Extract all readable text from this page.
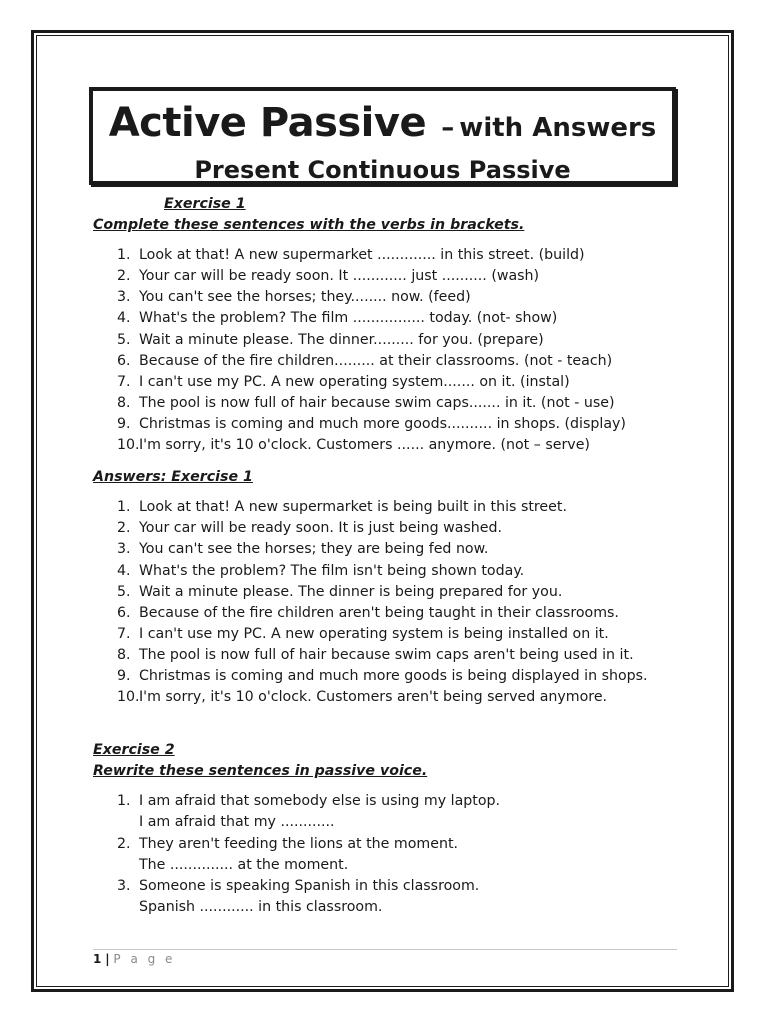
Active Passive – with Answers
Present Continuous Passive
Exercise 1
Complete these sentences with the verbs in brackets.
1. Look at that! A new supermarket ............. in this street. (build)
2. Your car will be ready soon. It ............ just .......... (wash)
3. You can't see the horses; they........ now. (feed)
4. What's the problem? The film ................ today. (not- show)
5. Wait a minute please. The dinner......... for you. (prepare)
6. Because of the fire children......... at their classrooms. (not - teach)
7. I can't use my PC. A new operating system....... on it. (instal)
8. The pool is now full of hair because swim caps....... in it. (not - use)
9. Christmas is coming and much more goods.......... in shops. (display)
10. I'm sorry, it's 10 o'clock. Customers ...... anymore. (not – serve)
Answers: Exercise 1
1. Look at that! A new supermarket is being built in this street.
2. Your car will be ready soon. It is just being washed.
3. You can't see the horses; they are being fed now.
4. What's the problem? The film isn't being shown today.
5. Wait a minute please. The dinner is being prepared for you.
6. Because of the fire children aren't being taught in their classrooms.
7. I can't use my PC. A new operating system is being installed on it.
8. The pool is now full of hair because swim caps aren't being used in it.
9. Christmas is coming and much more goods is being displayed in shops.
10. I'm sorry, it's 10 o'clock. Customers aren't being served anymore.
Exercise 2
Rewrite these sentences in passive voice.
1. I am afraid that somebody else is using my laptop.
I am afraid that my ............
2. They aren't feeding the lions at the moment.
The .............. at the moment.
3. Someone is speaking Spanish in this classroom.
Spanish ............ in this classroom.
1 | P a g e
